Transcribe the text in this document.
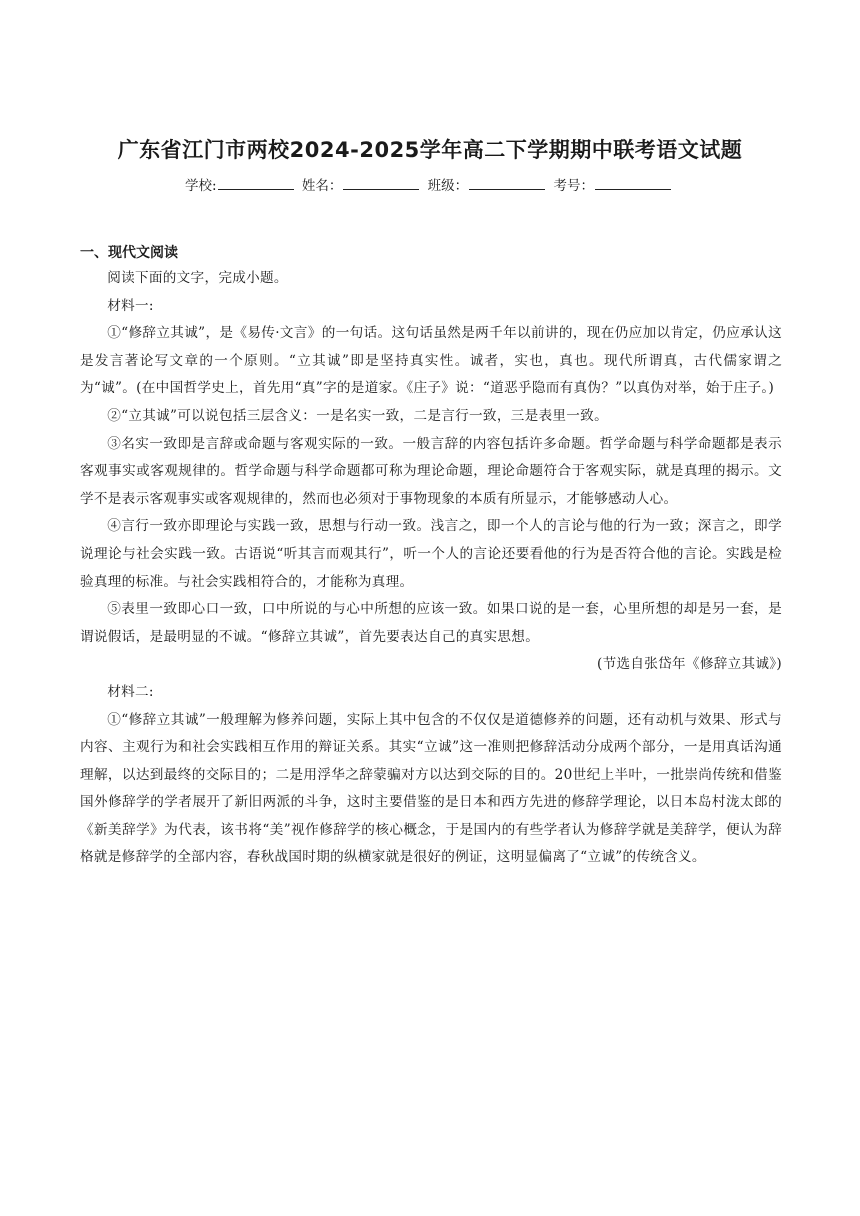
广东省江门市两校2024-2025学年高二下学期期中联考语文试题
学校:	姓名：	班级：	考号：
一、现代文阅读

阅读下面的文字，完成小题。

材料一:

①“修辞立其诚”，是《易传·文言》的一句话。这句话虽然是两千年以前讲的，现在仍应加以肯定，仍应承认这是发言著论写文章的一个原则。“立其诚”即是坚持真实性。诚者，实也，真也。现代所谓真，古代儒家谓之为“诚”。(在中国哲学史上，首先用“真”字的是道家。《庄子》说：“道恶乎隐而有真伪？”以真伪对举，始于庄子。)

②“立其诚”可以说包括三层含义：一是名实一致，二是言行一致，三是表里一致。

③名实一致即是言辞或命题与客观实际的一致。一般言辞的内容包括许多命题。哲学命题与科学命题都是表示客观事实或客观规律的。哲学命题与科学命题都可称为理论命题，理论命题符合于客观实际，就是真理的揭示。文学不是表示客观事实或客观规律的，然而也必须对于事物现象的本质有所显示，才能够感动人心。

④言行一致亦即理论与实践一致，思想与行动一致。浅言之，即一个人的言论与他的行为一致；深言之，即学说理论与社会实践一致。古语说“听其言而观其行”，听一个人的言论还要看他的行为是否符合他的言论。实践是检验真理的标准。与社会实践相符合的，才能称为真理。

⑤表里一致即心口一致，口中所说的与心中所想的应该一致。如果口说的是一套，心里所想的却是另一套，是谓说假话，是最明显的不诚。“修辞立其诚”，首先要表达自己的真实思想。

(节选自张岱年《修辞立其诚》)

材料二:

①“修辞立其诚”一般理解为修养问题，实际上其中包含的不仅仅是道德修养的问题，还有动机与效果、形式与内容、主观行为和社会实践相互作用的辩证关系。其实“立诚”这一准则把修辞活动分成两个部分，一是用真话沟通理解，以达到最终的交际目的；二是用浮华之辞蒙骗对方以达到交际的目的。20世纪上半叶，一批崇尚传统和借鉴国外修辞学的学者展开了新旧两派的斗争，这时主要借鉴的是日本和西方先进的修辞学理论，以日本岛村泷太郎的《新美辞学》为代表，该书将“美”视作修辞学的核心概念，于是国内的有些学者认为修辞学就是美辞学，便认为辞格就是修辞学的全部内容，春秋战国时期的纵横家就是很好的例证，这明显偏离了“立诚”的传统含义。
